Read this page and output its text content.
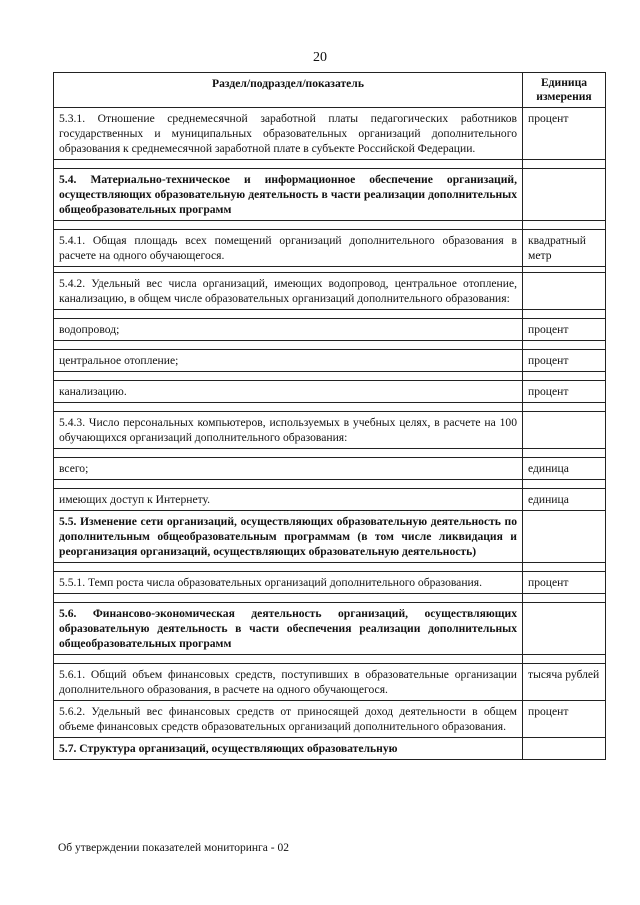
20
Раздел/подраздел/показатель	Единица измерения
5.3.1. Отношение среднемесячной заработной платы педагогических работников государственных и муниципальных образовательных организаций дополнительного образования к среднемесячной заработной плате в субъекте Российской Федерации.	процент

5.4. Материально-техническое и информационное обеспечение организаций, осуществляющих образовательную деятельность в части реализации дополнительных общеобразовательных программ	

5.4.1. Общая площадь всех помещений организаций дополнительного образования в расчете на одного обучающегося.	квадратный метр

5.4.2. Удельный вес числа организаций, имеющих водопровод, центральное отопление, канализацию, в общем числе образовательных организаций дополнительного образования:	

водопровод;	процент

центральное отопление;	процент

канализацию.	процент

5.4.3. Число персональных компьютеров, используемых в учебных целях, в расчете на 100 обучающихся организаций дополнительного образования:	

всего;	единица

имеющих доступ к Интернету.	единица
5.5. Изменение сети организаций, осуществляющих образовательную деятельность по дополнительным общеобразовательным программам (в том числе ликвидация и реорганизация организаций, осуществляющих образовательную деятельность)	

5.5.1. Темп роста числа образовательных организаций дополнительного образования.	процент

5.6. Финансово-экономическая деятельность организаций, осуществляющих образовательную деятельность в части обеспечения реализации дополнительных общеобразовательных программ	

5.6.1. Общий объем финансовых средств, поступивших в образовательные организации дополнительного образования, в расчете на одного обучающегося.	тысяча рублей
5.6.2. Удельный вес финансовых средств от приносящей доход деятельности в общем объеме финансовых средств образовательных организаций дополнительного образования.	процент
5.7. Структура организаций, осуществляющих образовательную	
Об утверждении показателей мониторинга - 02
